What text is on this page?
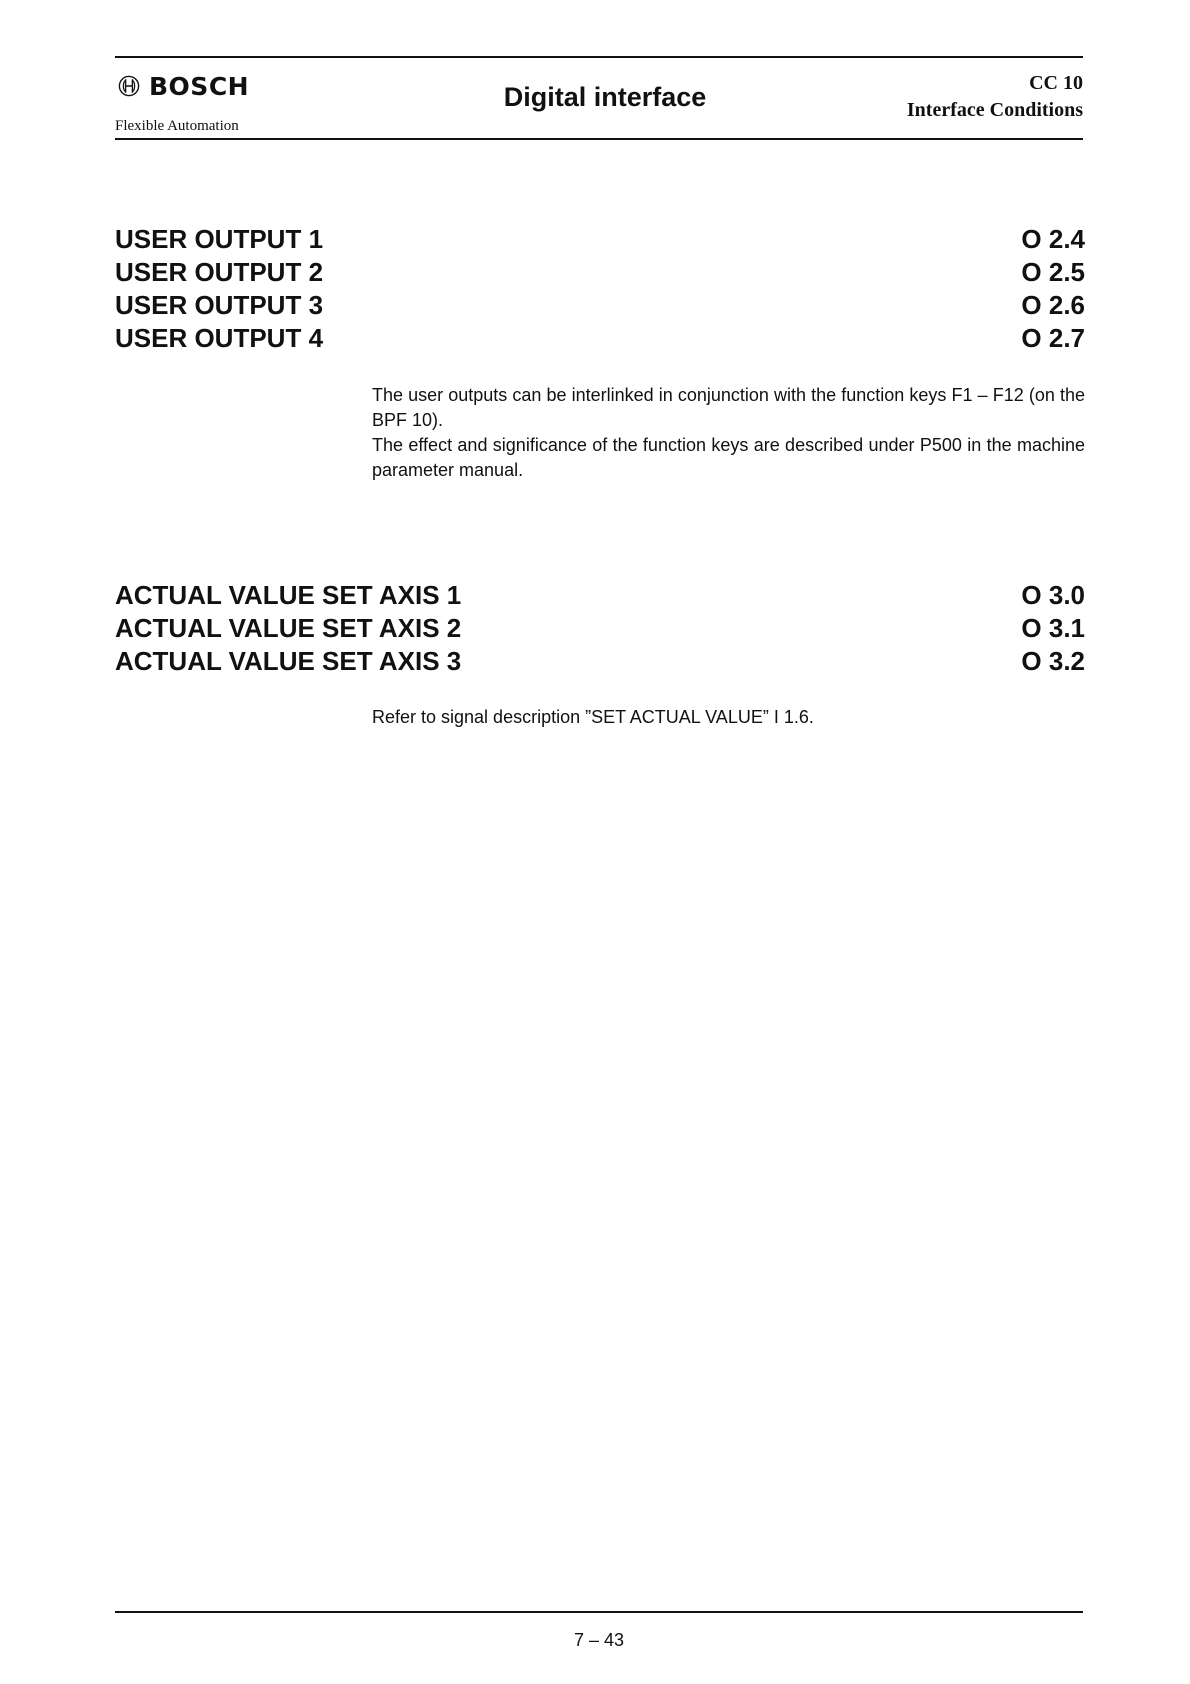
BOSCH
Flexible Automation
Digital interface	CC 10
Interface Conditions
USER OUTPUT 1	O 2.4
USER OUTPUT 2	O 2.5
USER OUTPUT 3	O 2.6
USER OUTPUT 4	O 2.7

The user outputs can be interlinked in conjunction with the function keys F1 – F12 (on the BPF 10).

The effect and significance of the function keys are described under P500 in the machine parameter manual.

ACTUAL VALUE SET AXIS 1	O 3.0
ACTUAL VALUE SET AXIS 2	O 3.1
ACTUAL VALUE SET AXIS 3	O 3.2

Refer to signal description ”SET ACTUAL VALUE” I 1.6.

7 – 43
